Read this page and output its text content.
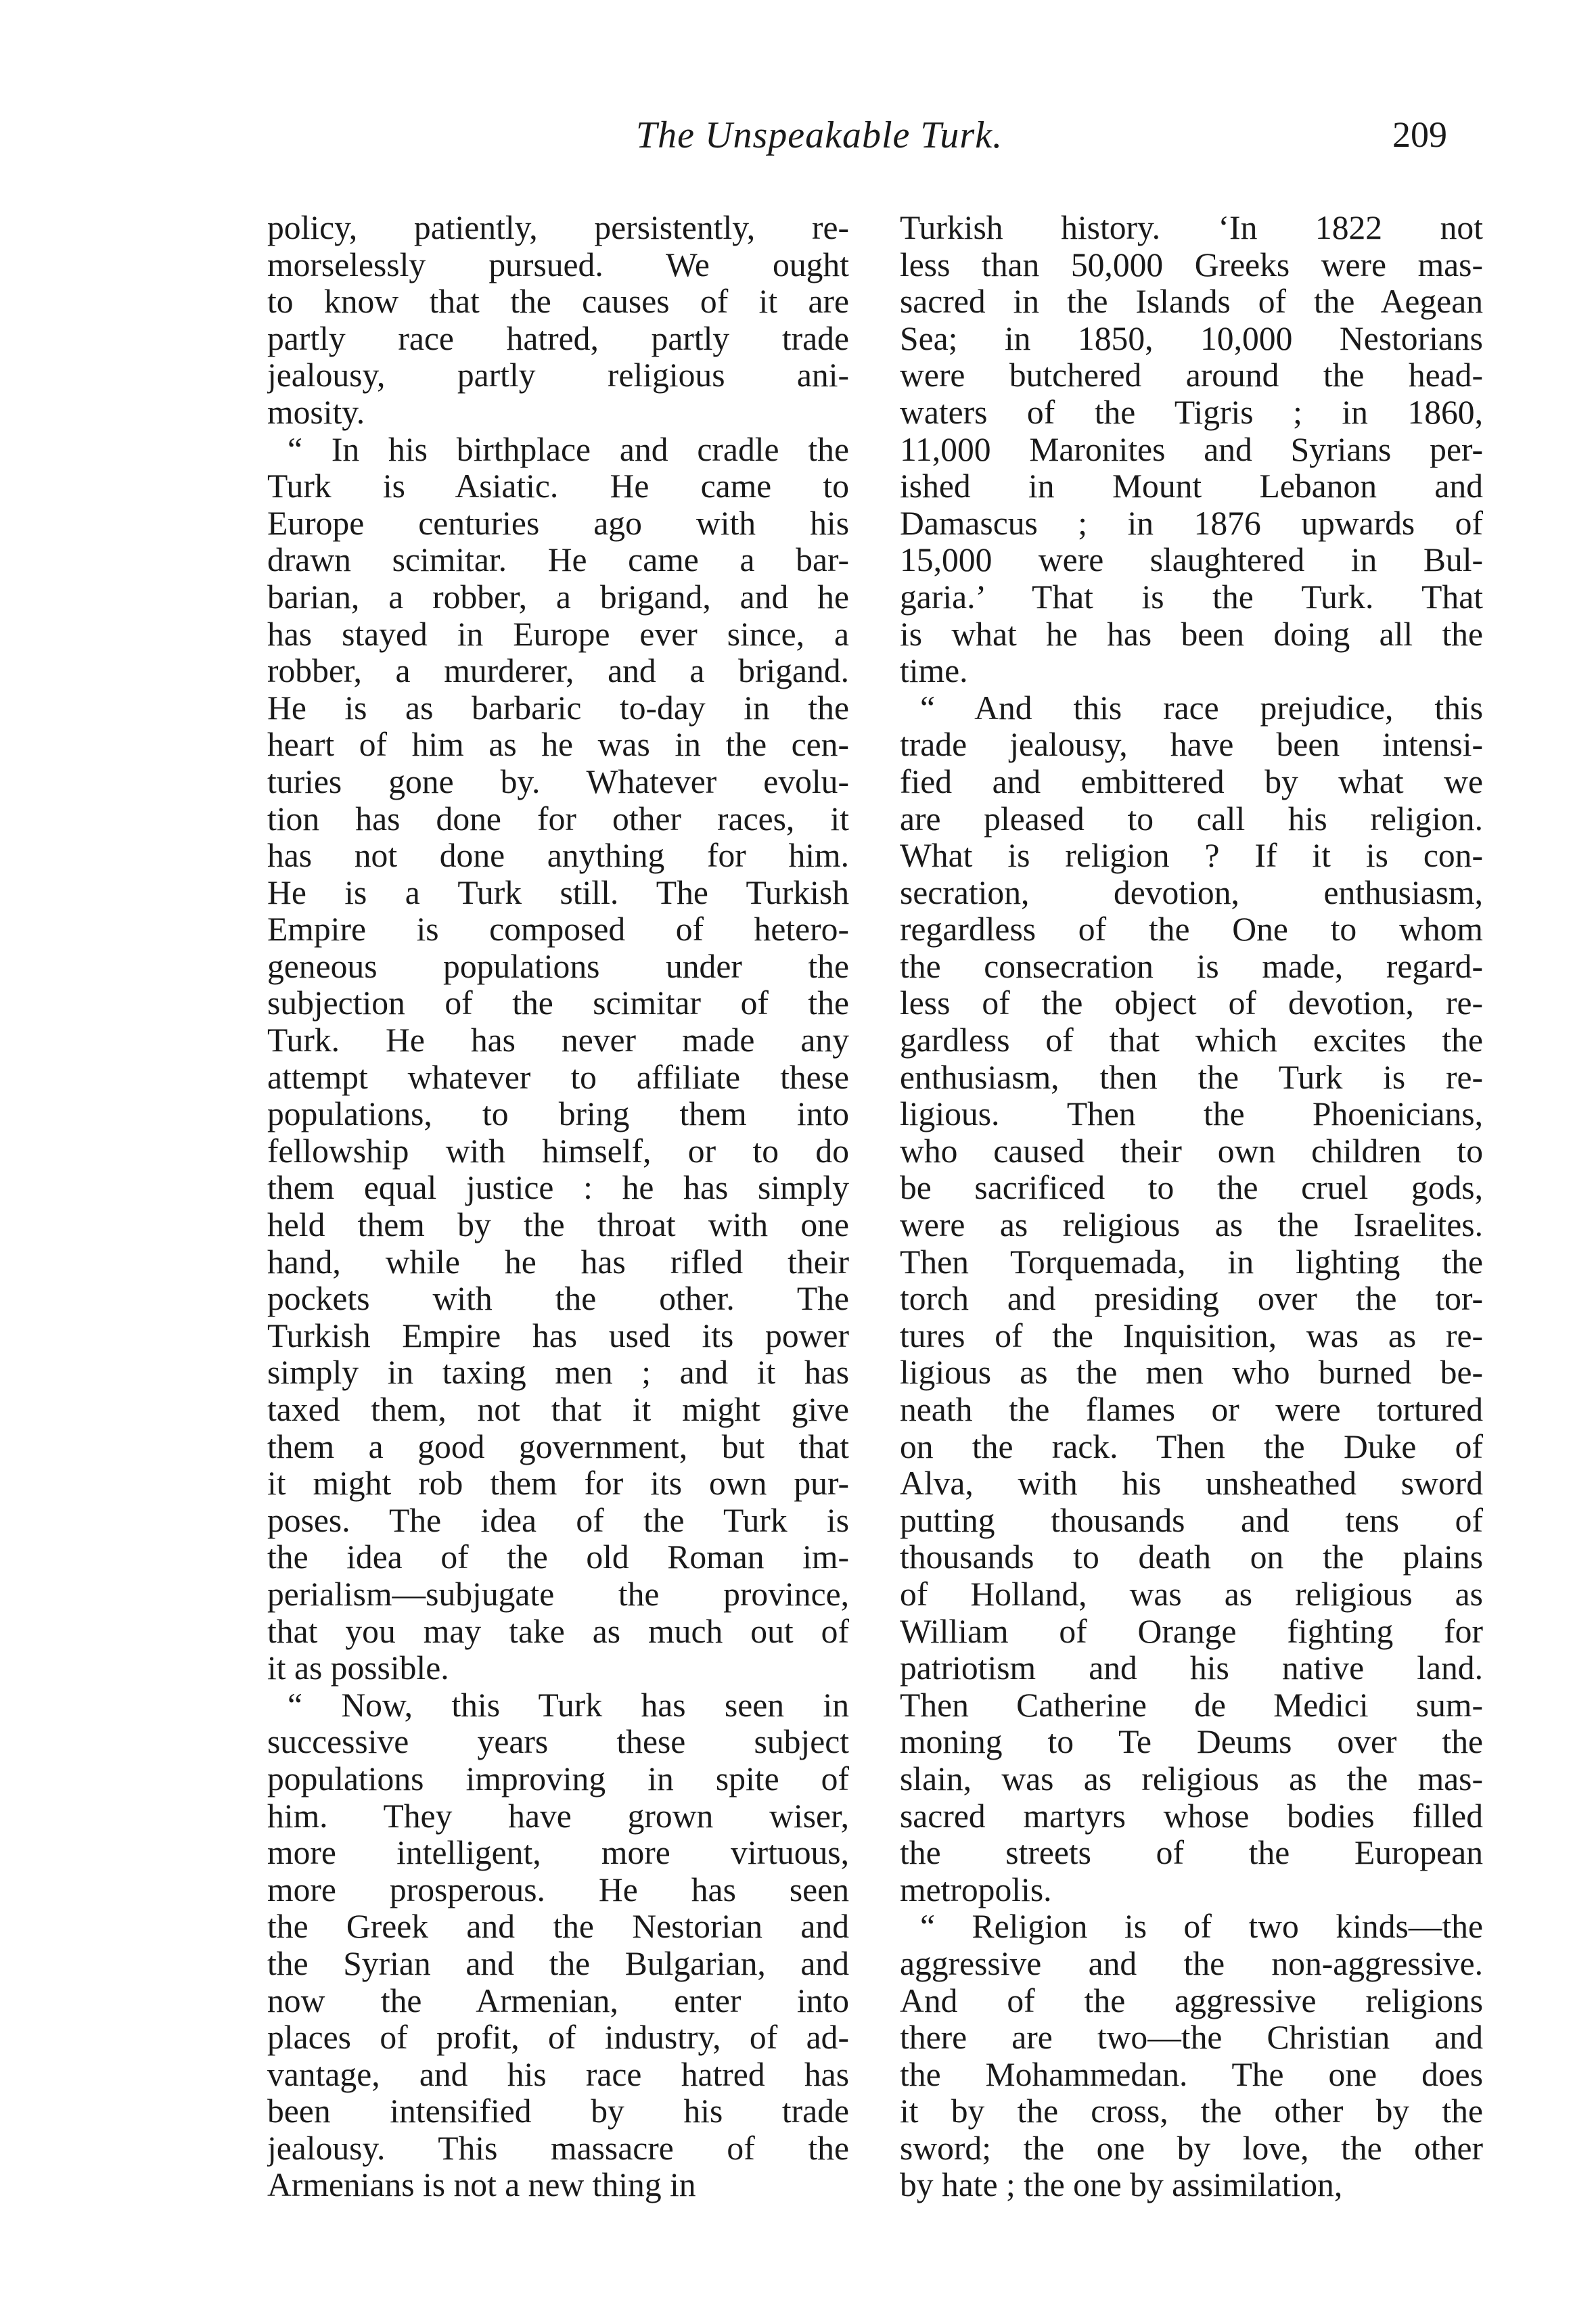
The Unspeakable Turk.	209
policy, patiently, persistently, re-
morselessly pursued. We ought
to know that the causes of it are
partly race hatred, partly trade
jealousy, partly religious ani-
mosity.
“ In his birthplace and cradle the
Turk is Asiatic. He came to
Europe centuries ago with his
drawn scimitar. He came a bar-
barian, a robber, a brigand, and he
has stayed in Europe ever since, a
robber, a murderer, and a brigand.
He is as barbaric to-day in the
heart of him as he was in the cen-
turies gone by. Whatever evolu-
tion has done for other races, it
has not done anything for him.
He is a Turk still. The Turkish
Empire is composed of hetero-
geneous populations under the
subjection of the scimitar of the
Turk. He has never made any
attempt whatever to affiliate these
populations, to bring them into
fellowship with himself, or to do
them equal justice : he has simply
held them by the throat with one
hand, while he has rifled their
pockets with the other. The
Turkish Empire has used its power
simply in taxing men ; and it has
taxed them, not that it might give
them a good government, but that
it might rob them for its own pur-
poses. The idea of the Turk is
the idea of the old Roman im-
perialism—subjugate the province,
that you may take as much out of
it as possible.
“ Now, this Turk has seen in
successive years these subject
populations improving in spite of
him. They have grown wiser,
more intelligent, more virtuous,
more prosperous. He has seen
the Greek and the Nestorian and
the Syrian and the Bulgarian, and
now the Armenian, enter into
places of profit, of industry, of ad-
vantage, and his race hatred has
been intensified by his trade
jealousy. This massacre of the
Armenians is not a new thing in
Turkish history. ‘In 1822 not
less than 50,000 Greeks were mas-
sacred in the Islands of the Aegean
Sea; in 1850, 10,000 Nestorians
were butchered around the head-
waters of the Tigris ; in 1860,
11,000 Maronites and Syrians per-
ished in Mount Lebanon and
Damascus ; in 1876 upwards of
15,000 were slaughtered in Bul-
garia.’ That is the Turk. That
is what he has been doing all the
time.
“ And this race prejudice, this
trade jealousy, have been intensi-
fied and embittered by what we
are pleased to call his religion.
What is religion ? If it is con-
secration, devotion, enthusiasm,
regardless of the One to whom
the consecration is made, regard-
less of the object of devotion, re-
gardless of that which excites the
enthusiasm, then the Turk is re-
ligious. Then the Phoenicians,
who caused their own children to
be sacrificed to the cruel gods,
were as religious as the Israelites.
Then Torquemada, in lighting the
torch and presiding over the tor-
tures of the Inquisition, was as re-
ligious as the men who burned be-
neath the flames or were tortured
on the rack. Then the Duke of
Alva, with his unsheathed sword
putting thousands and tens of
thousands to death on the plains
of Holland, was as religious as
William of Orange fighting for
patriotism and his native land.
Then Catherine de Medici sum-
moning to Te Deums over the
slain, was as religious as the mas-
sacred martyrs whose bodies filled
the streets of the European
metropolis.
“ Religion is of two kinds—the
aggressive and the non-aggressive.
And of the aggressive religions
there are two—the Christian and
the Mohammedan. The one does
it by the cross, the other by the
sword; the one by love, the other
by hate ; the one by assimilation,
